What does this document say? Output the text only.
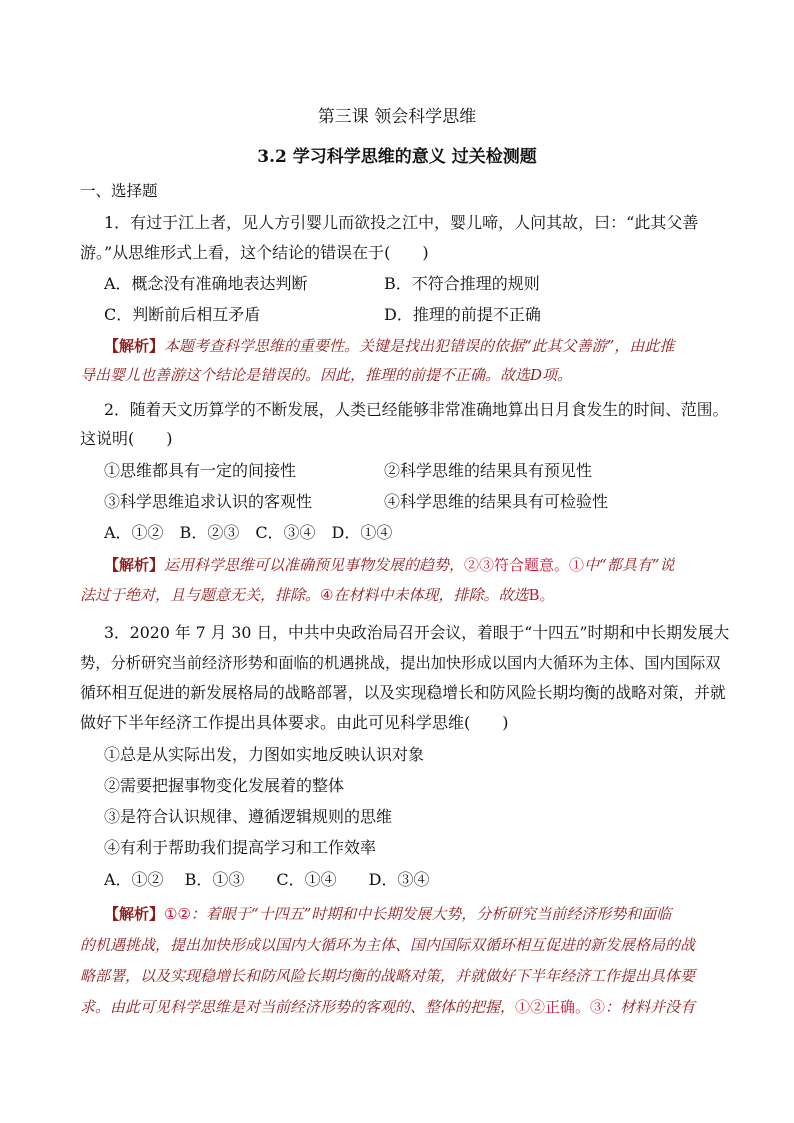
第三课 领会科学思维
3.2 学习科学思维的意义 过关检测题
一、选择题
1．有过于江上者，见人方引婴儿而欲投之江中，婴儿啼，人问其故，曰：“此其父善
游。”从思维形式上看，这个结论的错误在于(　　)
A．概念没有准确地表达判断	B．不符合推理的规则
C．判断前后相互矛盾	D．推理的前提不正确
【解析】本题考查科学思维的重要性。关键是找出犯错误的依据“此其父善游”，由此推
导出婴儿也善游这个结论是错误的。因此，推理的前提不正确。故选D项。
2．随着天文历算学的不断发展，人类已经能够非常准确地算出日月食发生的时间、范围。
这说明(　　)
①思维都具有一定的间接性	②科学思维的结果具有预见性
③科学思维追求认识的客观性	④科学思维的结果具有可检验性
A．①②　B．②③　C．③④　D．①④
【解析】运用科学思维可以准确预见事物发展的趋势，②③符合题意。①中“都具有”说
法过于绝对，且与题意无关，排除。④在材料中未体现，排除。故选B。
3．2020 年 7 月 30 日，中共中央政治局召开会议，着眼于“十四五”时期和中长期发展大
势，分析研究当前经济形势和面临的机遇挑战，提出加快形成以国内大循环为主体、国内国际双
循环相互促进的新发展格局的战略部署，以及实现稳增长和防风险长期均衡的战略对策，并就
做好下半年经济工作提出具体要求。由此可见科学思维(　　)
①总是从实际出发，力图如实地反映认识对象
②需要把握事物变化发展着的整体
③是符合认识规律、遵循逻辑规则的思维
④有利于帮助我们提高学习和工作效率
A．①②　 B．①③　　C．①④　　D．③④
【解析】①②：着眼于“十四五”时期和中长期发展大势，分析研究当前经济形势和面临
的机遇挑战，提出加快形成以国内大循环为主体、国内国际双循环相互促进的新发展格局的战
略部署，以及实现稳增长和防风险长期均衡的战略对策，并就做好下半年经济工作提出具体要
求。由此可见科学思维是对当前经济形势的客观的、整体的把握，①②正确。③：材料并没有
